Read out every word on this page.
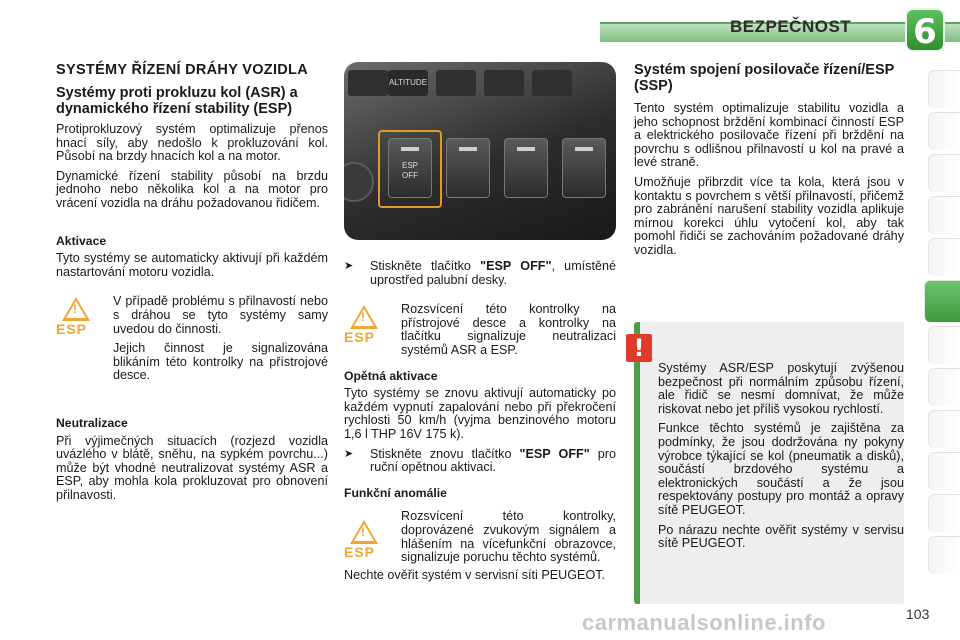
BEZPEČNOST 6
SYSTÉMY ŘÍZENÍ DRÁHY VOZIDLA
Systémy proti prokluzu kol (ASR) a dynamického řízení stability (ESP)
Protiprokluzový systém optimalizuje přenos hnací síly, aby nedošlo k prokluzování kol. Působí na brzdy hnacích kol a na motor.
Dynamické řízení stability působí na brzdu jednoho nebo několika kol a na motor pro vrácení vozidla na dráhu požadovanou řidičem.
Aktivace
Tyto systémy se automaticky aktivují při každém nastartování motoru vozidla.
!
ESP
V případě problému s přilnavostí nebo s dráhou se tyto systémy samy uvedou do činnosti.
Jejich činnost je signalizována blikáním této kontrolky na přístrojové desce.
Neutralizace
Při výjimečných situacích (rozjezd vozidla uvázlého v blátě, sněhu, na sypkém povrchu...) může být vhodné neutralizovat systémy ASR a ESP, aby mohla kola prokluzovat pro obnovení přilnavosti.
ALTITUDE
ESP OFF
➤ Stiskněte tlačítko "ESP OFF", umístěné uprostřed palubní desky.
!
ESP
Rozsvícení této kontrolky na přístrojové desce a kontrolky na tlačítku signalizuje neutralizaci systémů ASR a ESP.
Opětná aktivace
Tyto systémy se znovu aktivují automaticky po každém vypnutí zapalování nebo při překročení rychlosti 50 km/h (vyjma benzinového motoru 1,6 l THP 16V 175 k).
➤ Stiskněte znovu tlačítko "ESP OFF" pro ruční opětnou aktivaci.
Funkční anomálie
!
ESP
Rozsvícení této kontrolky, doprovázené zvukovým signálem a hlášením na vícefunkční obrazovce, signalizuje poruchu těchto systémů.
Nechte ověřit systém v servisní síti PEUGEOT.
Systém spojení posilovače řízení/ESP (SSP)
Tento systém optimalizuje stabilitu vozidla a jeho schopnost brždění kombinací činností ESP a elektrického posilovače řízení při brždění na povrchu s odlišnou přilnavostí u kol na pravé a levé straně.
Umožňuje přibrzdit více ta kola, která jsou v kontaktu s povrchem s větší přilnavostí, přičemž pro zabránění narušení stability vozidla aplikuje mírnou korekci úhlu vytočení kol, aby tak pomohl řidiči se zachováním požadované dráhy vozidla.
Systémy ASR/ESP poskytují zvýšenou bezpečnost při normálním způsobu řízení, ale řidič se nesmí domnívat, že může riskovat nebo jet příliš vysokou rychlostí.
Funkce těchto systémů je zajištěna za podmínky, že jsou dodržována ny pokyny výrobce týkající se kol (pneumatik a disků), součástí brzdového systému a elektronických součástí a že jsou respektovány postupy pro montáž a opravy sítě PEUGEOT.
Po nárazu nechte ověřit systémy v servisu sítě PEUGEOT.
!
carmanualsonline.info	103
